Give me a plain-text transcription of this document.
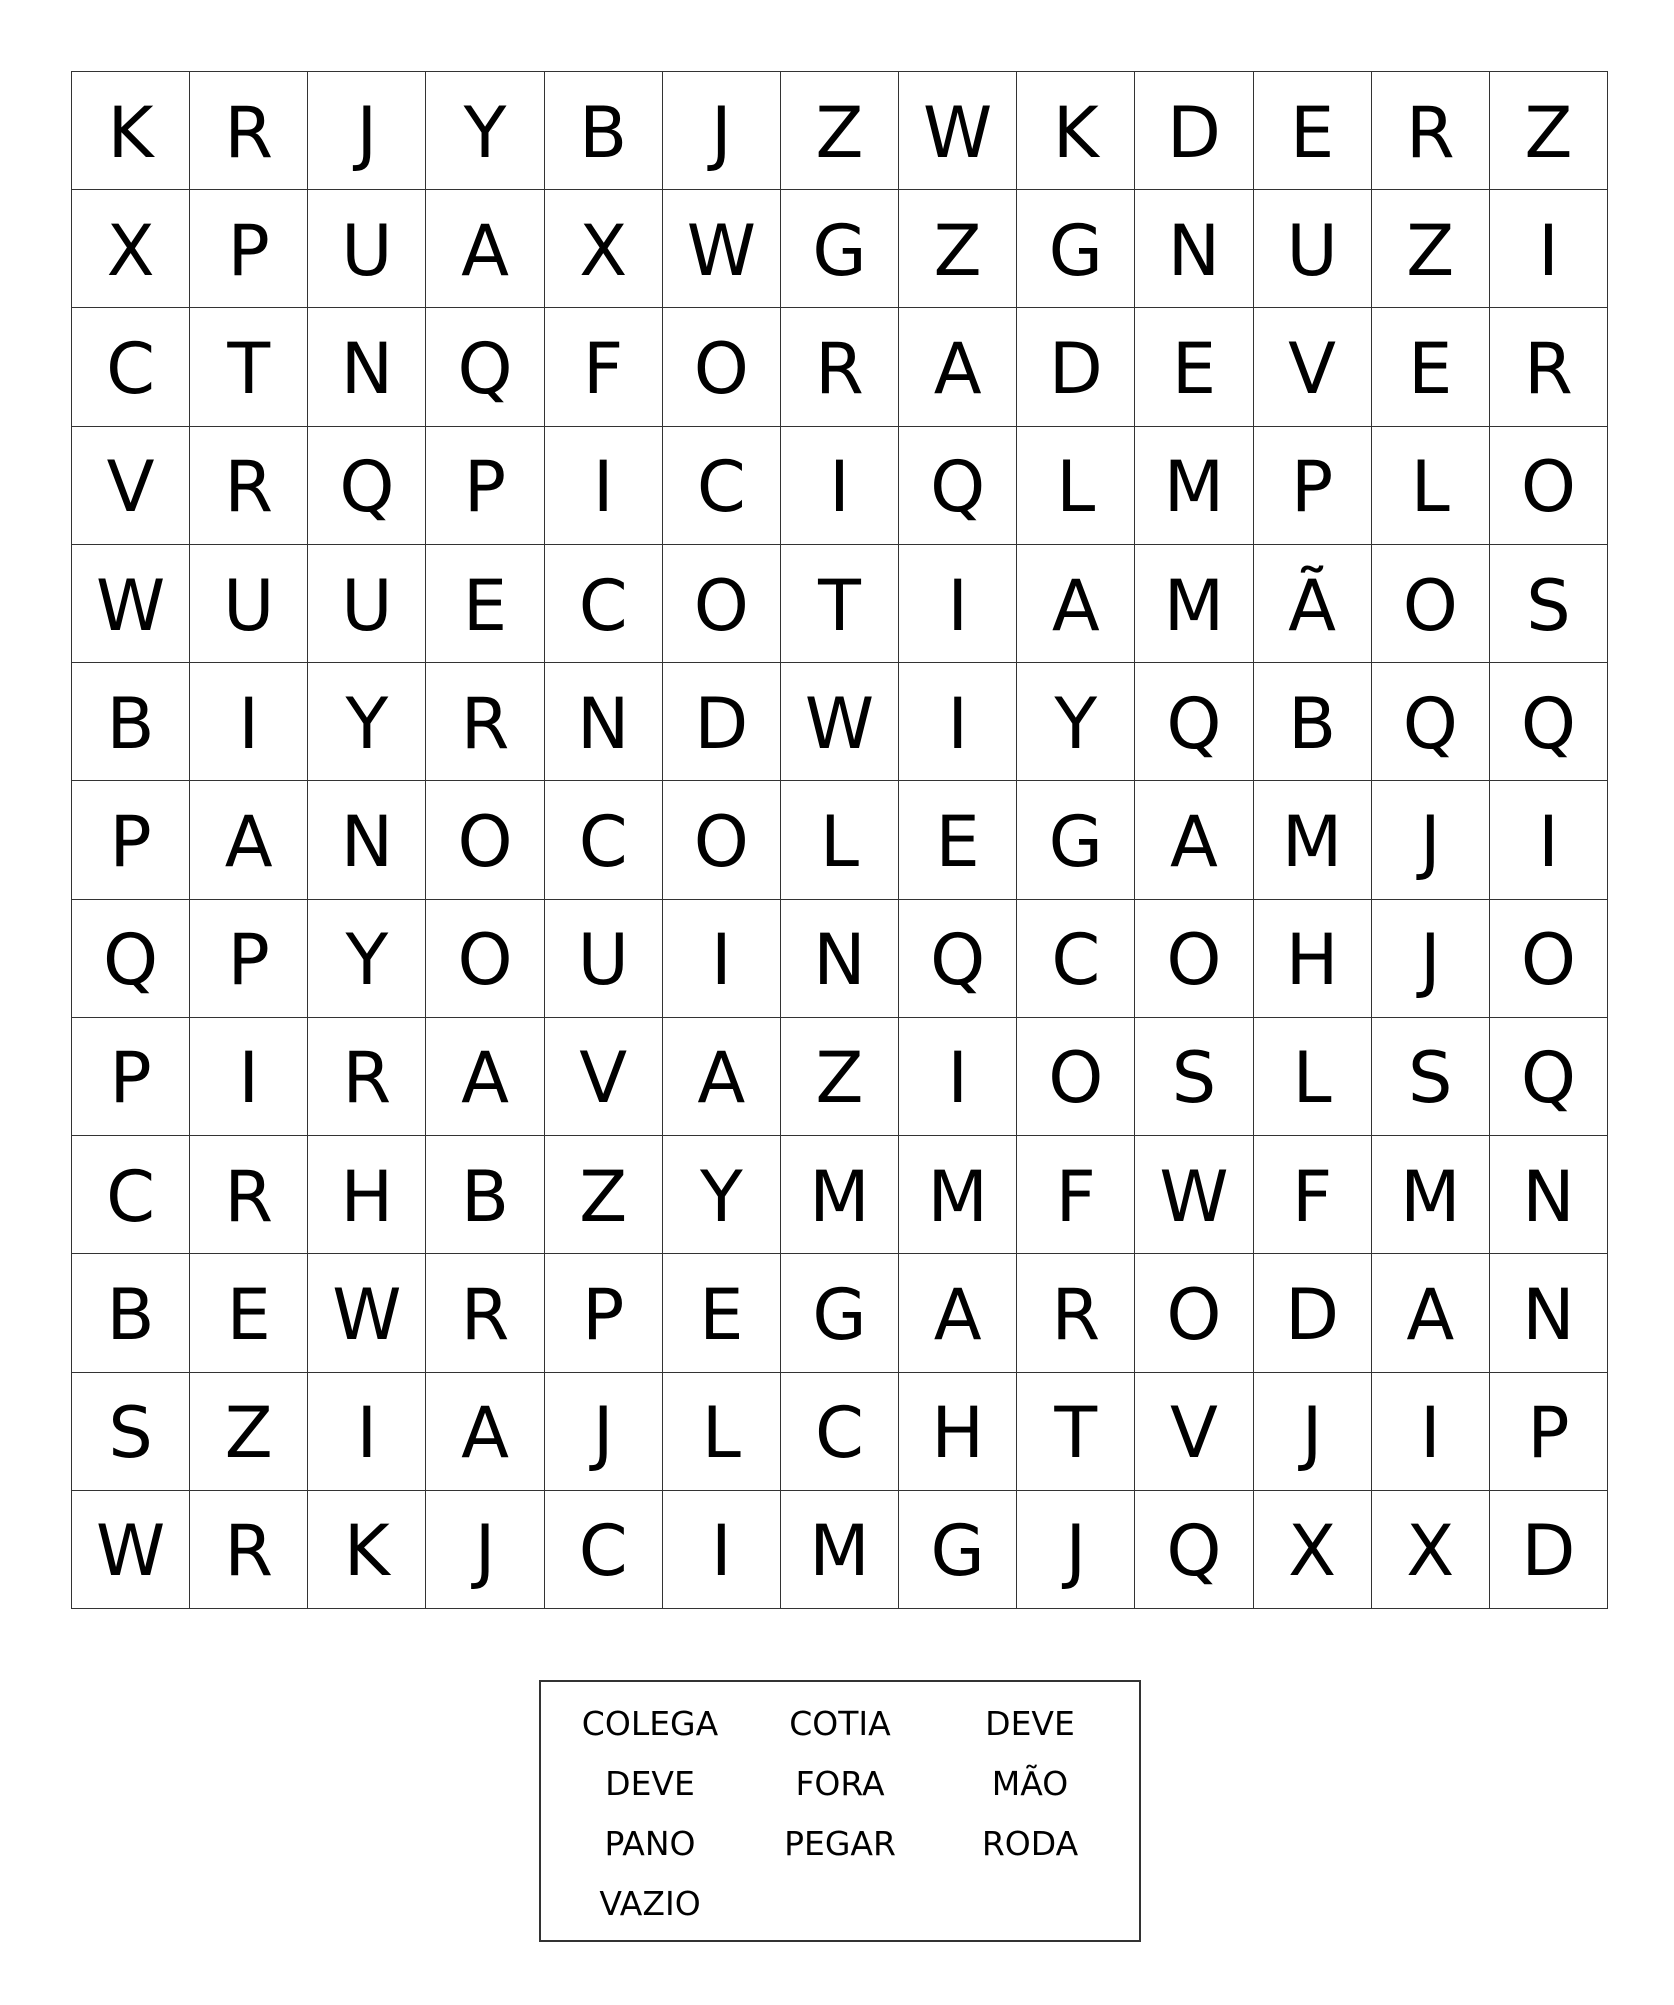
K	R	J	Y	B	J	Z W K D E	R Z
X	P	U A	X W G Z G N U Z	I
C	T	N Q	F	O R A D E	V	E	R
V R Q P	I	C	I	Q	L M P	L	O
W U U	E	C O T	I	A M Ã O S
B	I	Y	R N D W	I	Y Q B Q Q
P	A N O C O	L	E G A M	J	I
Q P	Y O U	I	N Q C O H	J	O
P	I	R A	V	A	Z	I	O S	L	S Q
C R H B	Z	Y M M F W F M N
B	E W R	P	E G A R O D A N
S	Z	I	A	J	L	C H	T	V	J	I	P
W R	K	J	C	I	M G	J	Q X	X D
COLEGA	COTIA	DEVE
DEVE	FORA	MÃO
PANO	PEGAR	RODA
VAZIO
